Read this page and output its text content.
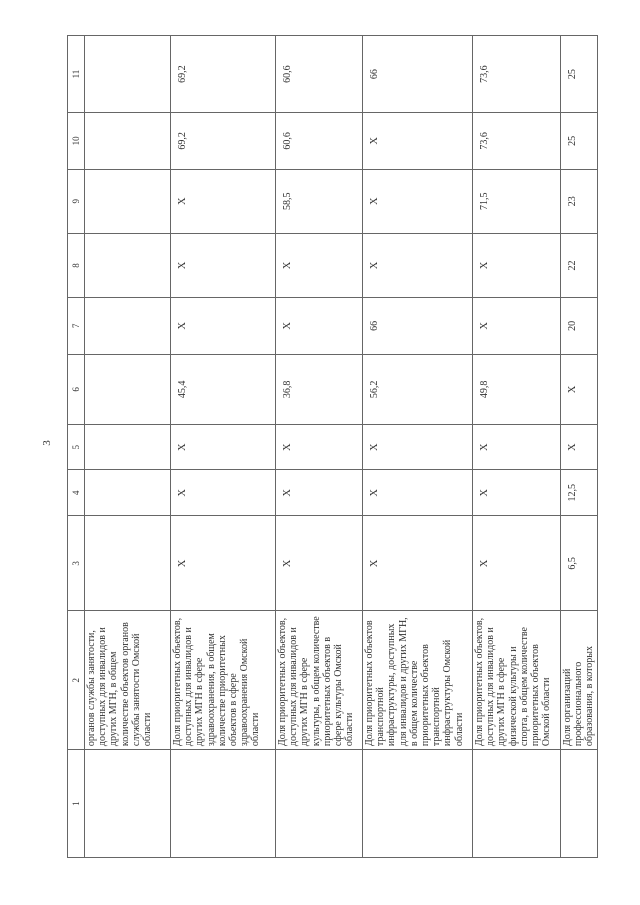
3
1	2	3	4	5	6	7	8	9	10	11
	органов службы занятости, доступных для инвалидов и других МГН, в общем количестве объектов органов службы занятости Омской области									
	Доля приоритетных объектов, доступных для инвалидов и других МГН в сфере здравоохранения, в общем количестве приоритетных объектов в сфере здравоохранения Омской области	X	X	X	45,4	X	X	X	69,2	69,2
	Доля приоритетных объектов, доступных для инвалидов и других МГН в сфере культуры, в общем количестве приоритетных объектов в сфере культуры Омской области	X	X	X	36,8	X	X	58,5	60,6	60,6
	Доля приоритетных объектов транспортной инфраструктуры, доступных для инвалидов и других МГН, в общем количестве приоритетных объектов транспортной инфраструктуры Омской области	X	X	X	56,2	66	X	X	X	66
	Доля приоритетных объектов, доступных для инвалидов и других МГН в сфере физической культуры и спорта, в общем количестве приоритетных объектов Омской области	X	X	X	49,8	X	X	71,5	73,6	73,6
	Доля организаций профессионального образования, в которых	6,5	12,5	X	X	20	22	23	25	25
